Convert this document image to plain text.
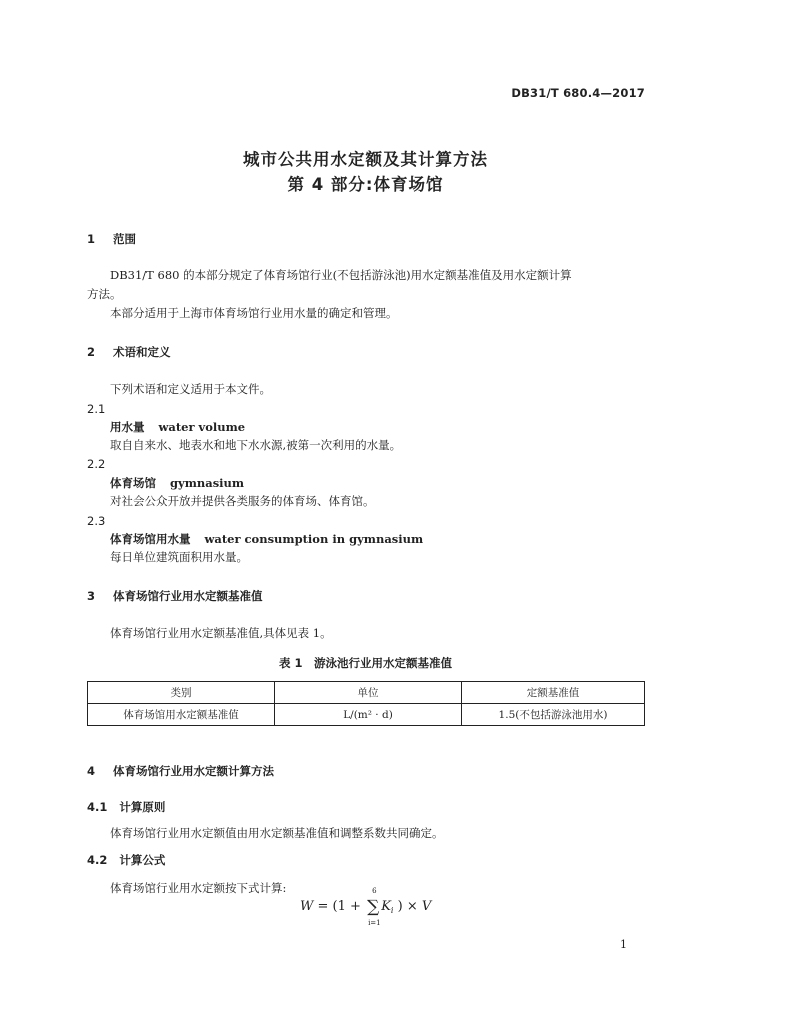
DB31/T 680.4—2017
城市公共用水定额及其计算方法
第 4 部分:体育场馆
1 范围
DB31/T 680 的本部分规定了体育场馆行业(不包括游泳池)用水定额基准值及用水定额计算
方法。
本部分适用于上海市体育场馆行业用水量的确定和管理。
2 术语和定义
下列术语和定义适用于本文件。
2.1
用水量 water volume
取自自来水、地表水和地下水水源,被第一次利用的水量。
2.2
体育场馆 gymnasium
对社会公众开放并提供各类服务的体育场、体育馆。
2.3
体育场馆用水量 water consumption in gymnasium
每日单位建筑面积用水量。
3 体育场馆行业用水定额基准值
体育场馆行业用水定额基准值,具体见表 1。
表 1　游泳池行业用水定额基准值
类别	单位	定额基准值
体育场馆用水定额基准值	L/(m² · d)	1.5(不包括游泳池用水)
4 体育场馆行业用水定额计算方法
4.1 计算原则
体育场馆行业用水定额值由用水定额基准值和调整系数共同确定。
4.2 计算公式
体育场馆行业用水定额按下式计算:
W = (1 + ∑
6
i=1
$K_i$ ) × V
1
